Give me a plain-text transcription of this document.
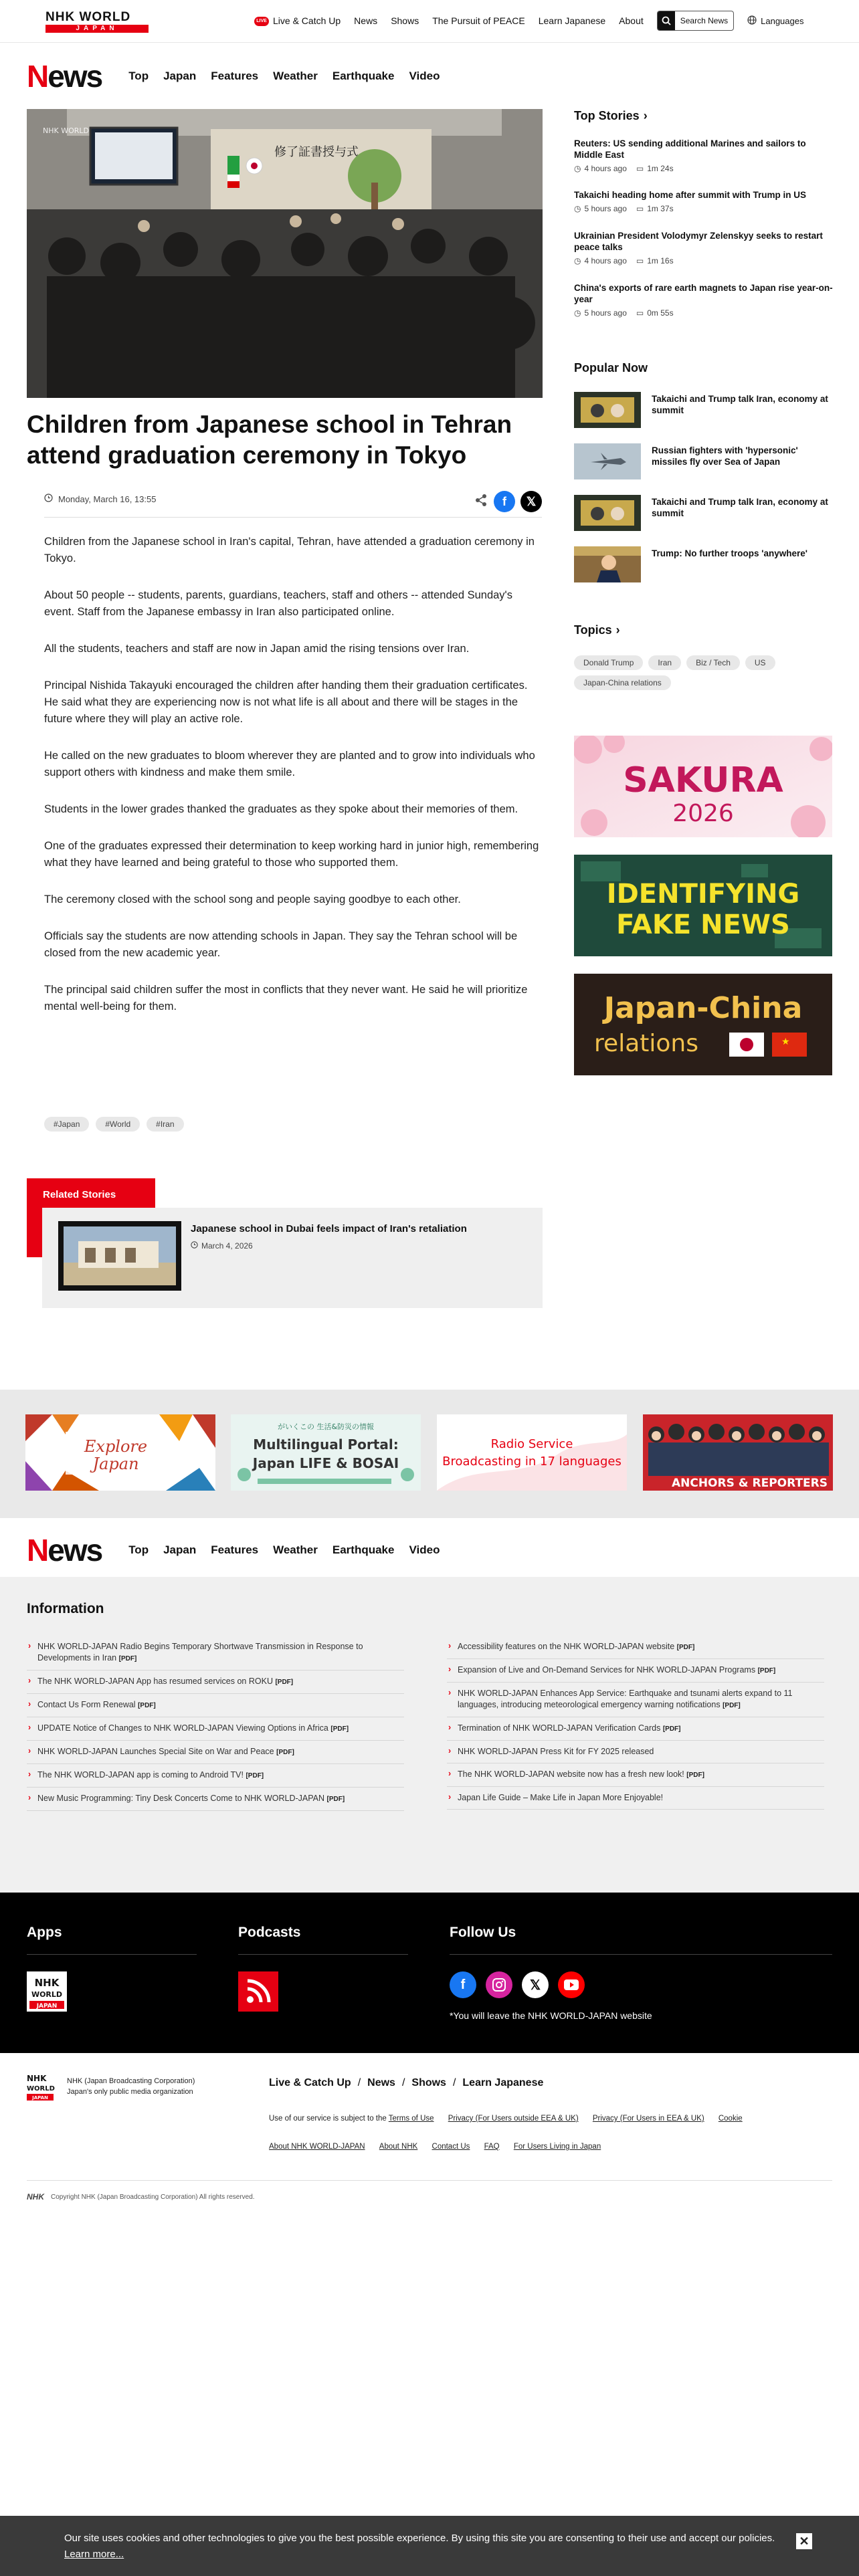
NHK WORLD
JAPAN
LIVE Live & Catch Up News Shows The Pursuit of PEACE Learn Japanese About	Search News	Languages
News Top Japan Features Weather Earthquake Video
修了証書授与式
NHK WORLD
Children from Japanese school in Tehran attend graduation ceremony in Tokyo
Monday, March 16, 13:55	f	𝕏

Children from the Japanese school in Iran's capital, Tehran, have attended a graduation ceremony in Tokyo.

About 50 people -- students, parents, guardians, teachers, staff and others -- attended Sunday's event. Staff from the Japanese embassy in Iran also participated online.

All the students, teachers and staff are now in Japan amid the rising tensions over Iran.

Principal Nishida Takayuki encouraged the children after handing them their graduation certificates. He said what they are experiencing now is not what life is all about and there will be stages in the future where they will play an active role.

He called on the new graduates to bloom wherever they are planted and to grow into individuals who support others with kindness and make them smile.

Students in the lower grades thanked the graduates as they spoke about their memories of them.

One of the graduates expressed their determination to keep working hard in junior high, remembering what they have learned and being grateful to those who supported them.

The ceremony closed with the school song and people saying goodbye to each other.

Officials say the students are now attending schools in Japan. They say the Tehran school will be closed from the new academic year.

The principal said children suffer the most in conflicts that they never want. He said he will prioritize mental well-being for them.

#Japan	#World	#Iran
Related Stories
Japanese school in Dubai feels impact of Iran's retaliation
March 4, 2026
Top Stories ›
Reuters: US sending additional Marines and sailors to Middle East
◷ 4 hours ago ▭ 1m 24s
Takaichi heading home after summit with Trump in US
◷ 5 hours ago ▭ 1m 37s
Ukrainian President Volodymyr Zelenskyy seeks to restart peace talks
◷ 4 hours ago ▭ 1m 16s
China's exports of rare earth magnets to Japan rise year-on-year
◷ 5 hours ago ▭ 0m 55s
Popular Now
Takaichi and Trump talk Iran, economy at summit
Russian fighters with 'hypersonic' missiles fly over Sea of Japan
Takaichi and Trump talk Iran, economy at summit
Trump: No further troops 'anywhere'
Topics ›
Donald Trump	Iran	Biz / Tech	US
Japan-China relations
SAKURA
2026
IDENTIFYING
FAKE NEWS
Japan-China
relations	★
Explore
Japan
がいくこの 生活&防災の情報
Multilingual Portal:
Japan LIFE & BOSAI
Radio Service
Broadcasting in 17 languages
ANCHORS & REPORTERS
News Top Japan Features Weather Earthquake Video
Information
› NHK WORLD-JAPAN Radio Begins Temporary Shortwave Transmission in Response to Developments in Iran [PDF]
› The NHK WORLD-JAPAN App has resumed services on ROKU [PDF]
› Contact Us Form Renewal [PDF]
› UPDATE Notice of Changes to NHK WORLD-JAPAN Viewing Options in Africa [PDF]
› NHK WORLD-JAPAN Launches Special Site on War and Peace [PDF]
› The NHK WORLD-JAPAN app is coming to Android TV! [PDF]
› New Music Programming: Tiny Desk Concerts Come to NHK WORLD-JAPAN [PDF]
› Accessibility features on the NHK WORLD-JAPAN website [PDF]
› Expansion of Live and On-Demand Services for NHK WORLD-JAPAN Programs [PDF]
› NHK WORLD-JAPAN Enhances App Service: Earthquake and tsunami alerts expand to 11 languages, introducing meteorological emergency warning notifications [PDF]
› Termination of NHK WORLD-JAPAN Verification Cards [PDF]
› NHK WORLD-JAPAN Press Kit for FY 2025 released
› The NHK WORLD-JAPAN website now has a fresh new look! [PDF]
› Japan Life Guide – Make Life in Japan More Enjoyable!
Apps
NHK
WORLD
JAPAN
Podcasts	Follow Us
f	𝕏
*You will leave the NHK WORLD-JAPAN website
NHK
WORLD
JAPAN
NHK (Japan Broadcasting Corporation)
Japan's only public media organization
Live & Catch Up / News / Shows / Learn Japanese
Use of our service is subject to the Terms of Use Privacy (For Users outside EEA & UK) Privacy (For Users in EEA & UK) Cookie
About NHK WORLD-JAPAN About NHK Contact Us FAQ For Users Living in Japan
NHK Copyright NHK (Japan Broadcasting Corporation) All rights reserved.
Our site uses cookies and other technologies to give you the best possible experience. By using this site you are consenting to their use and accept our policies. Learn more...
✕
